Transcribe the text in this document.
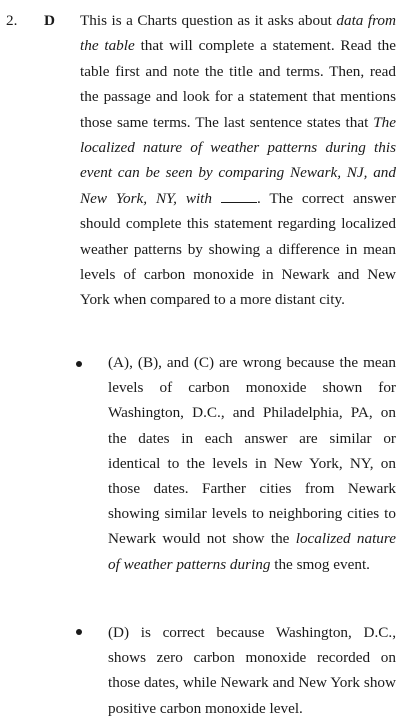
2. D This is a Charts question as it asks about data from the table that will complete a statement. Read the table first and note the title and terms. Then, read the passage and look for a statement that mentions those same terms. The last sentence states that The localized nature of weather patterns during this event can be seen by comparing Newark, NJ, and New York, NY, with	. The correct answer should complete this statement regarding localized weather patterns by showing a difference in mean levels of carbon monoxide in Newark and New York when compared to a more distant city.

(A), (B), and (C) are wrong because the mean levels of carbon monoxide shown for Washington, D.C., and Philadelphia, PA, on the dates in each answer are similar or identical to the levels in New York, NY, on those dates. Farther cities from Newark showing similar levels to neighboring cities to Newark would not show the localized nature of weather patterns during the smog event.

(D) is correct because Washington, D.C., shows zero carbon monoxide recorded on those dates, while Newark and New York show positive carbon monoxide level.
